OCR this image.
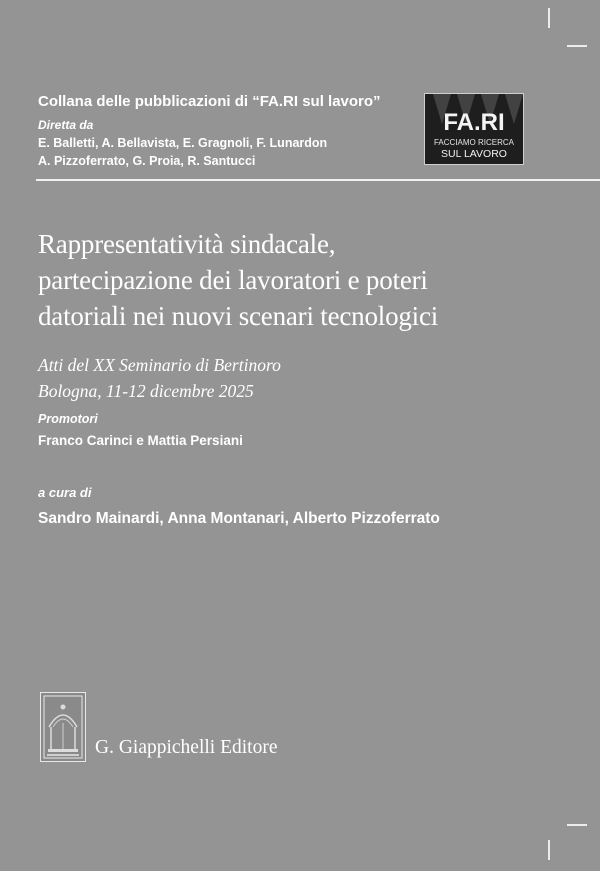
Collana delle pubblicazioni di “FA.RI sul lavoro”
Diretta da
E. Balletti, A. Bellavista, E. Gragnoli, F. Lunardon
A. Pizzoferrato, G. Proia, R. Santucci
FA.RI
FACCIAMO RICERCA
SUL LAVORO
Rappresentatività sindacale,
partecipazione dei lavoratori e poteri
datoriali nei nuovi scenari tecnologici
Atti del XX Seminario di Bertinoro
Bologna, 11-12 dicembre 2025
Promotori
Franco Carinci e Mattia Persiani
a cura di
Sandro Mainardi, Anna Montanari, Alberto Pizzoferrato
G. Giappichelli Editore
